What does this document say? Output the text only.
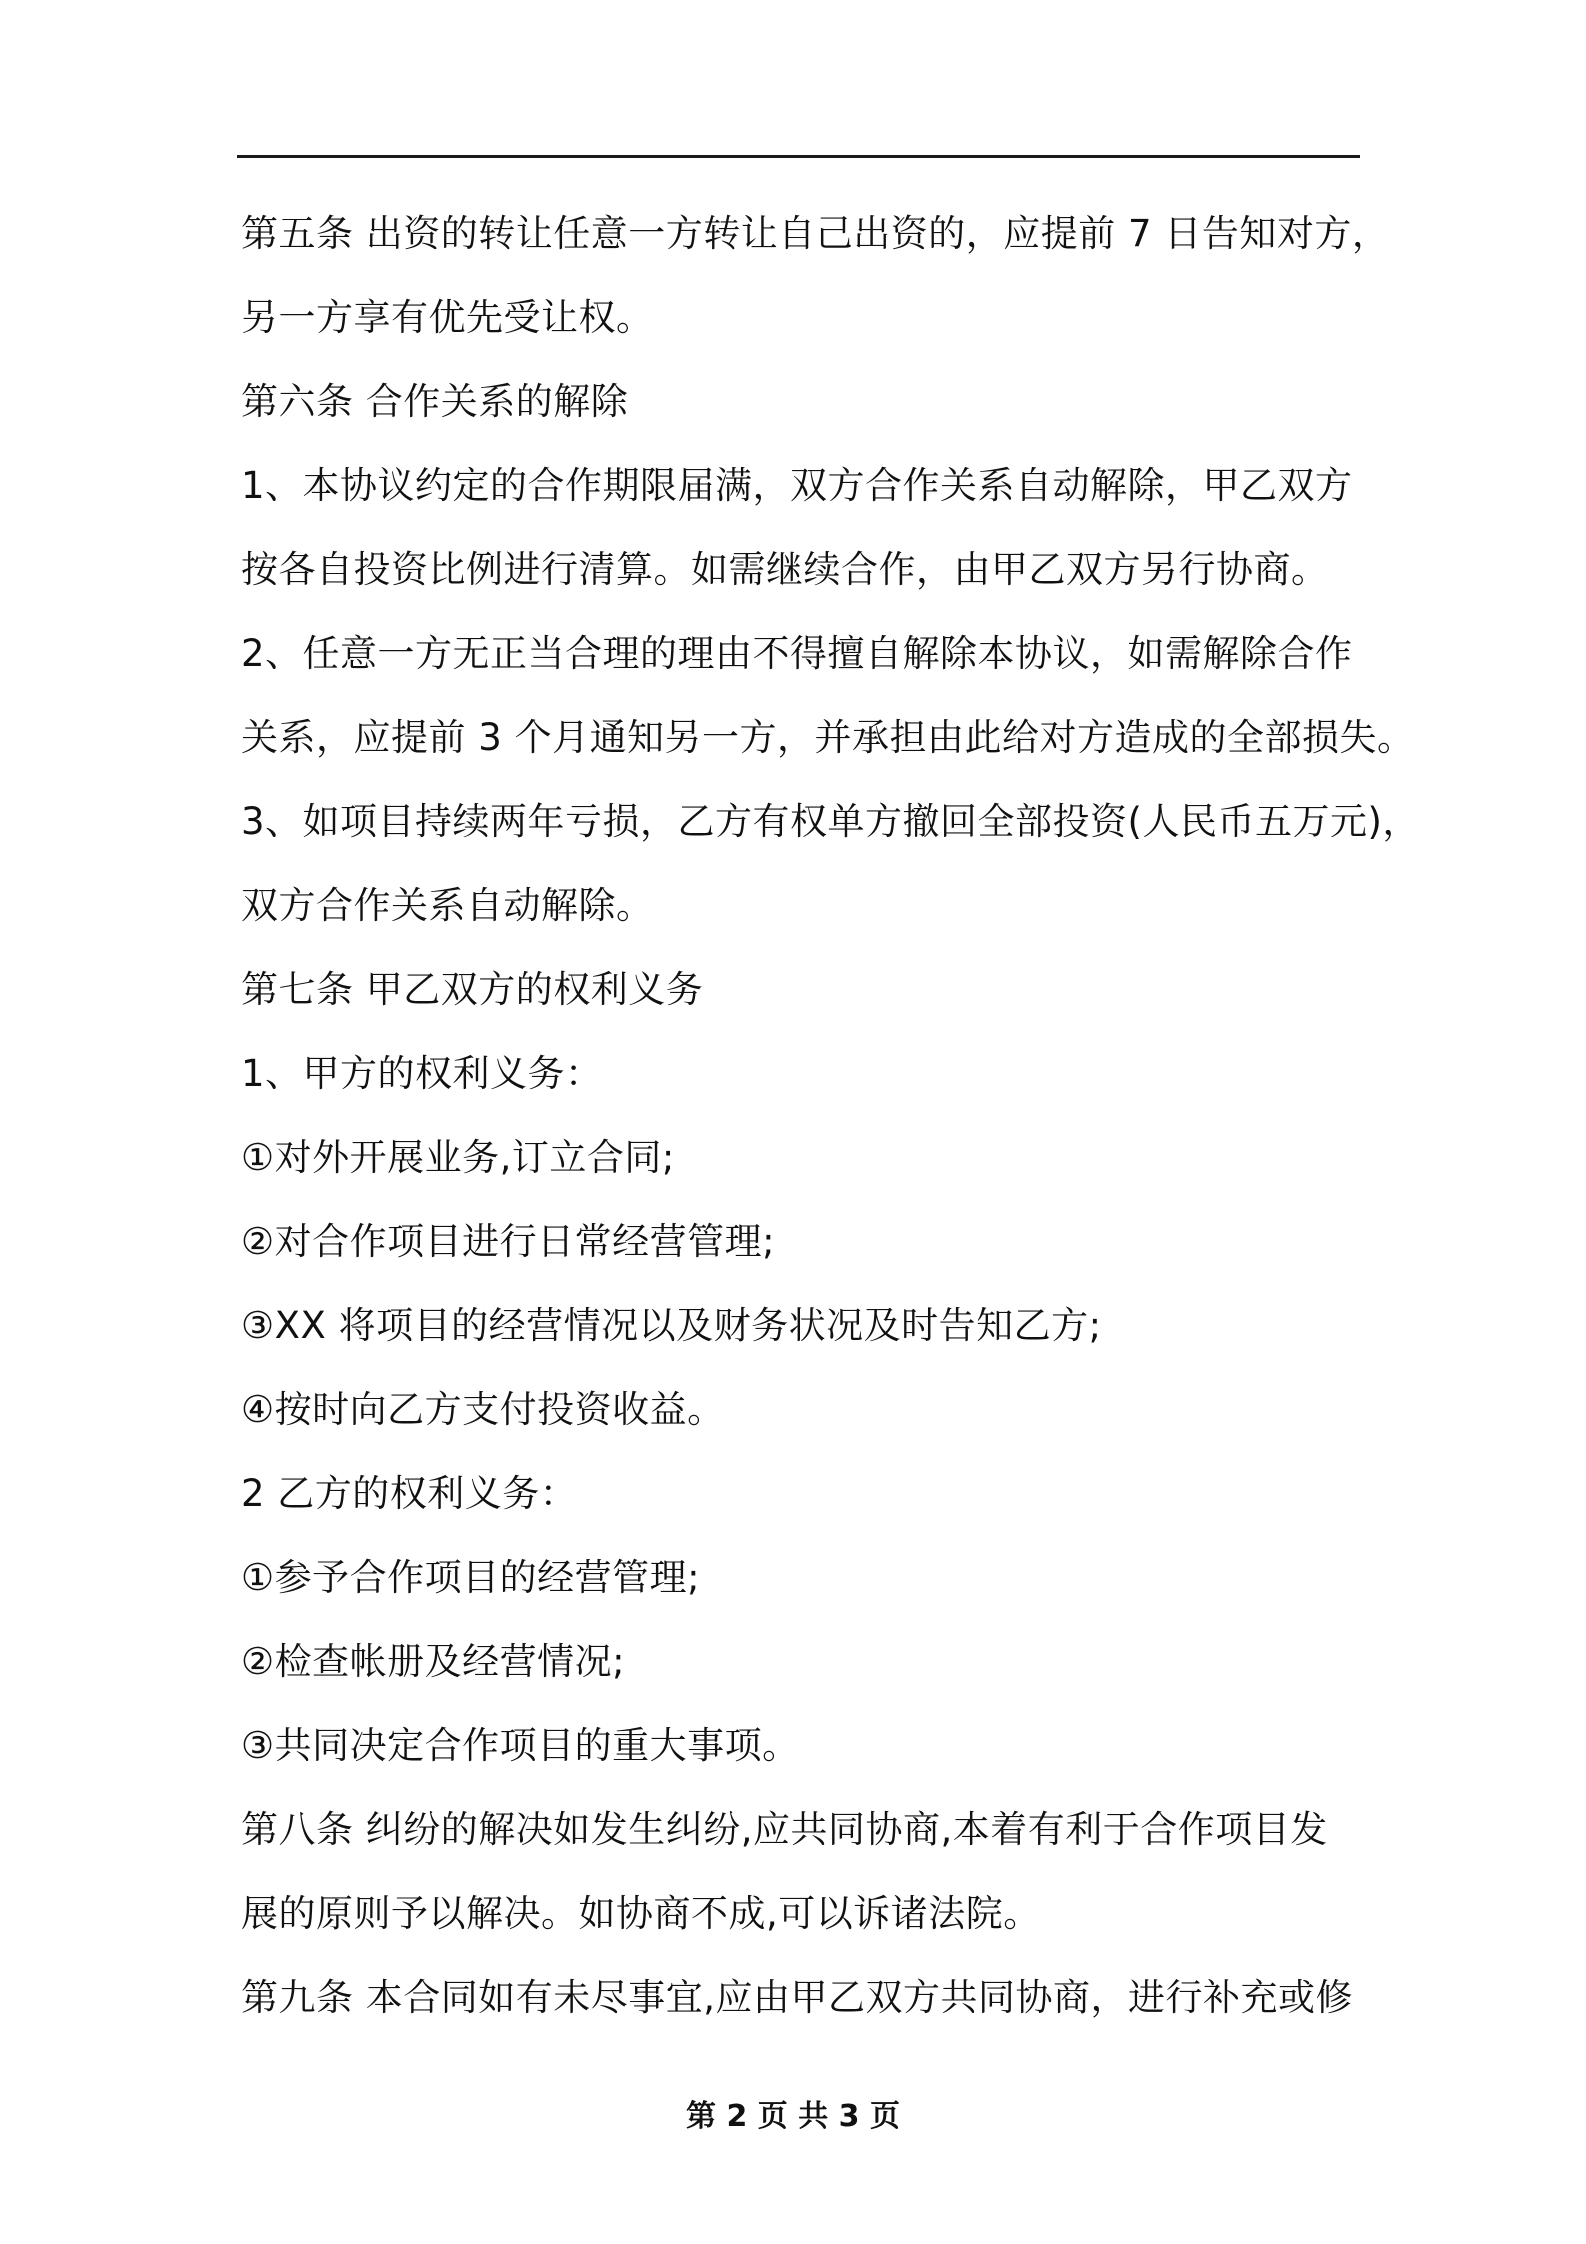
第五条 出资的转让任意一方转让自己出资的，应提前 7 日告知对方，
另一方享有优先受让权。
第六条 合作关系的解除
1、本协议约定的合作期限届满，双方合作关系自动解除，甲乙双方
按各自投资比例进行清算。如需继续合作，由甲乙双方另行协商。
2、任意一方无正当合理的理由不得擅自解除本协议，如需解除合作
关系，应提前 3 个月通知另一方，并承担由此给对方造成的全部损失。
3、如项目持续两年亏损，乙方有权单方撤回全部投资(人民币五万元)，
双方合作关系自动解除。
第七条 甲乙双方的权利义务
1、甲方的权利义务：
①对外开展业务,订立合同;
②对合作项目进行日常经营管理;
③XX 将项目的经营情况以及财务状况及时告知乙方;
④按时向乙方支付投资收益。
2 乙方的权利义务：
①参予合作项目的经营管理;
②检查帐册及经营情况;
③共同决定合作项目的重大事项。
第八条 纠纷的解决如发生纠纷,应共同协商,本着有利于合作项目发
展的原则予以解决。如协商不成,可以诉诸法院。
第九条 本合同如有未尽事宜,应由甲乙双方共同协商，进行补充或修
第 2 页 共 3 页
